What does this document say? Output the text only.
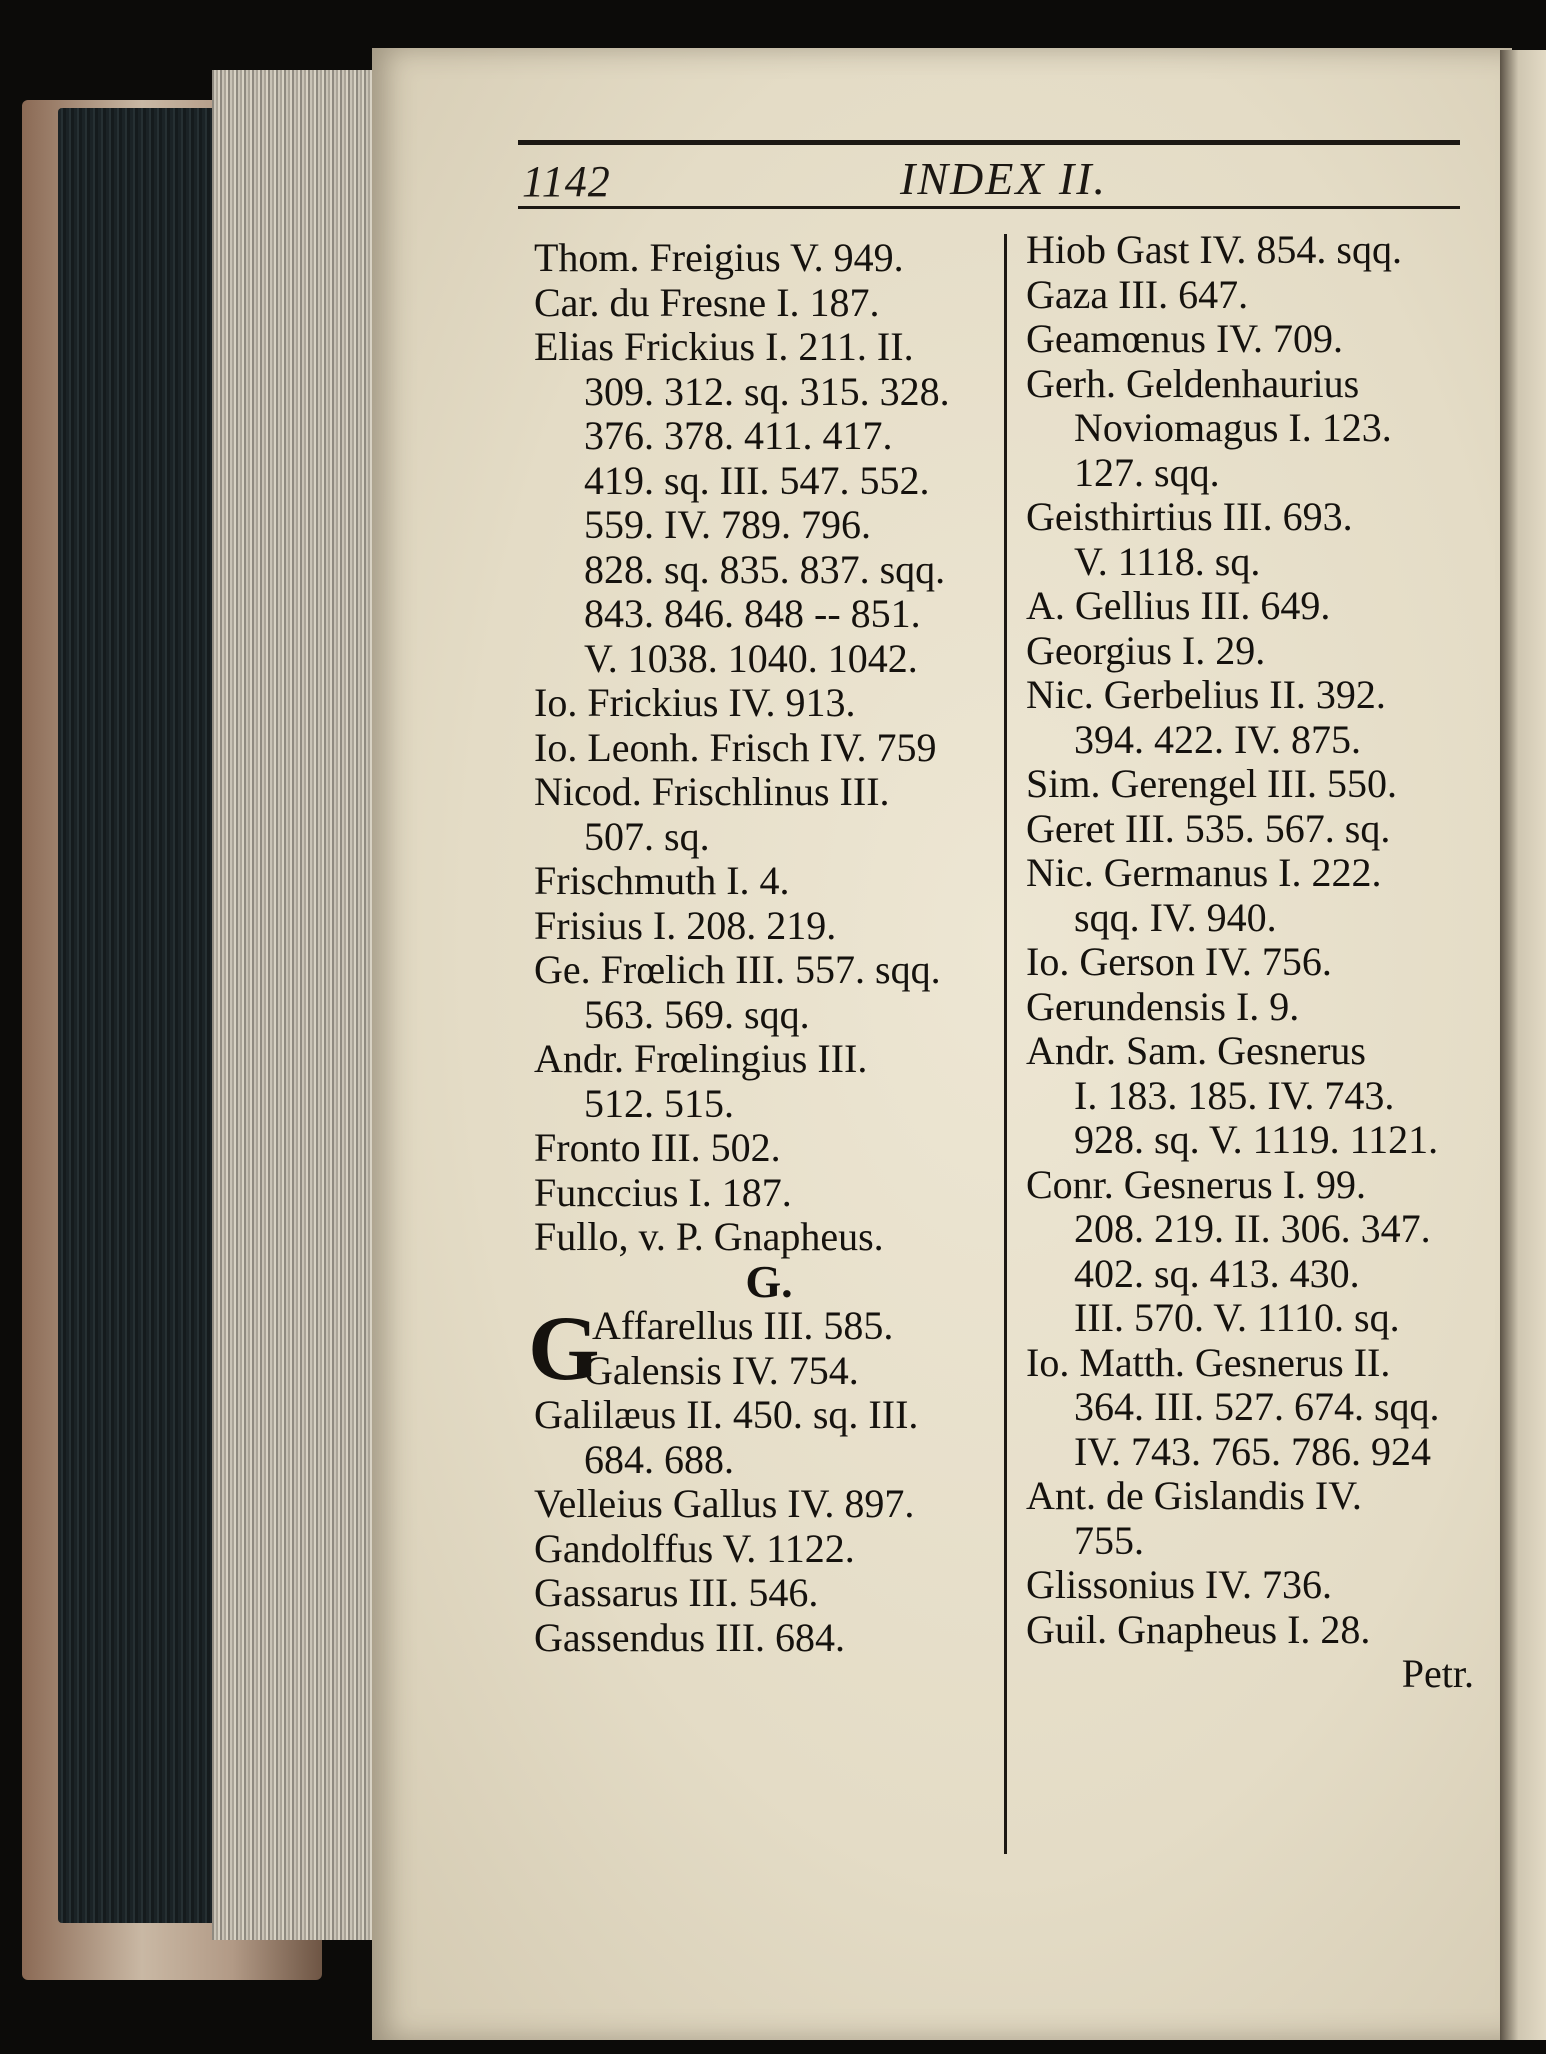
1142	INDEX II.
Thom. Freigius V. 949.
Car. du Fresne I. 187.
Elias Frickius I. 211. II.
309. 312. sq. 315. 328.
376. 378. 411. 417.
419. sq. III. 547. 552.
559. IV. 789. 796.
828. sq. 835. 837. sqq.
843. 846. 848 -- 851.
V. 1038. 1040. 1042.
Io. Frickius IV. 913.
Io. Leonh. Frisch IV. 759
Nicod. Frischlinus III.
507. sq.
Frischmuth I. 4.
Frisius I. 208. 219.
Ge. Frœlich III. 557. sqq.
563. 569. sqq.
Andr. Frœlingius III.
512. 515.
Fronto III. 502.
Funccius I. 187.
Fullo, v. P. Gnapheus.
G.
G
Affarellus III. 585.
Galensis IV. 754.
Galilæus II. 450. sq. III.
684. 688.
Velleius Gallus IV. 897.
Gandolffus V. 1122.
Gassarus III. 546.
Gassendus III. 684.
Hiob Gast IV. 854. sqq.
Gaza III. 647.
Geamœnus IV. 709.
Gerh. Geldenhaurius
Noviomagus I. 123.
127. sqq.
Geisthirtius III. 693.
V. 1118. sq.
A. Gellius III. 649.
Georgius I. 29.
Nic. Gerbelius II. 392.
394. 422. IV. 875.
Sim. Gerengel III. 550.
Geret III. 535. 567. sq.
Nic. Germanus I. 222.
sqq. IV. 940.
Io. Gerson IV. 756.
Gerundensis I. 9.
Andr. Sam. Gesnerus
I. 183. 185. IV. 743.
928. sq. V. 1119. 1121.
Conr. Gesnerus I. 99.
208. 219. II. 306. 347.
402. sq. 413. 430.
III. 570. V. 1110. sq.
Io. Matth. Gesnerus II.
364. III. 527. 674. sqq.
IV. 743. 765. 786. 924
Ant. de Gislandis IV.
755.
Glissonius IV. 736.
Guil. Gnapheus I. 28.
Petr.
